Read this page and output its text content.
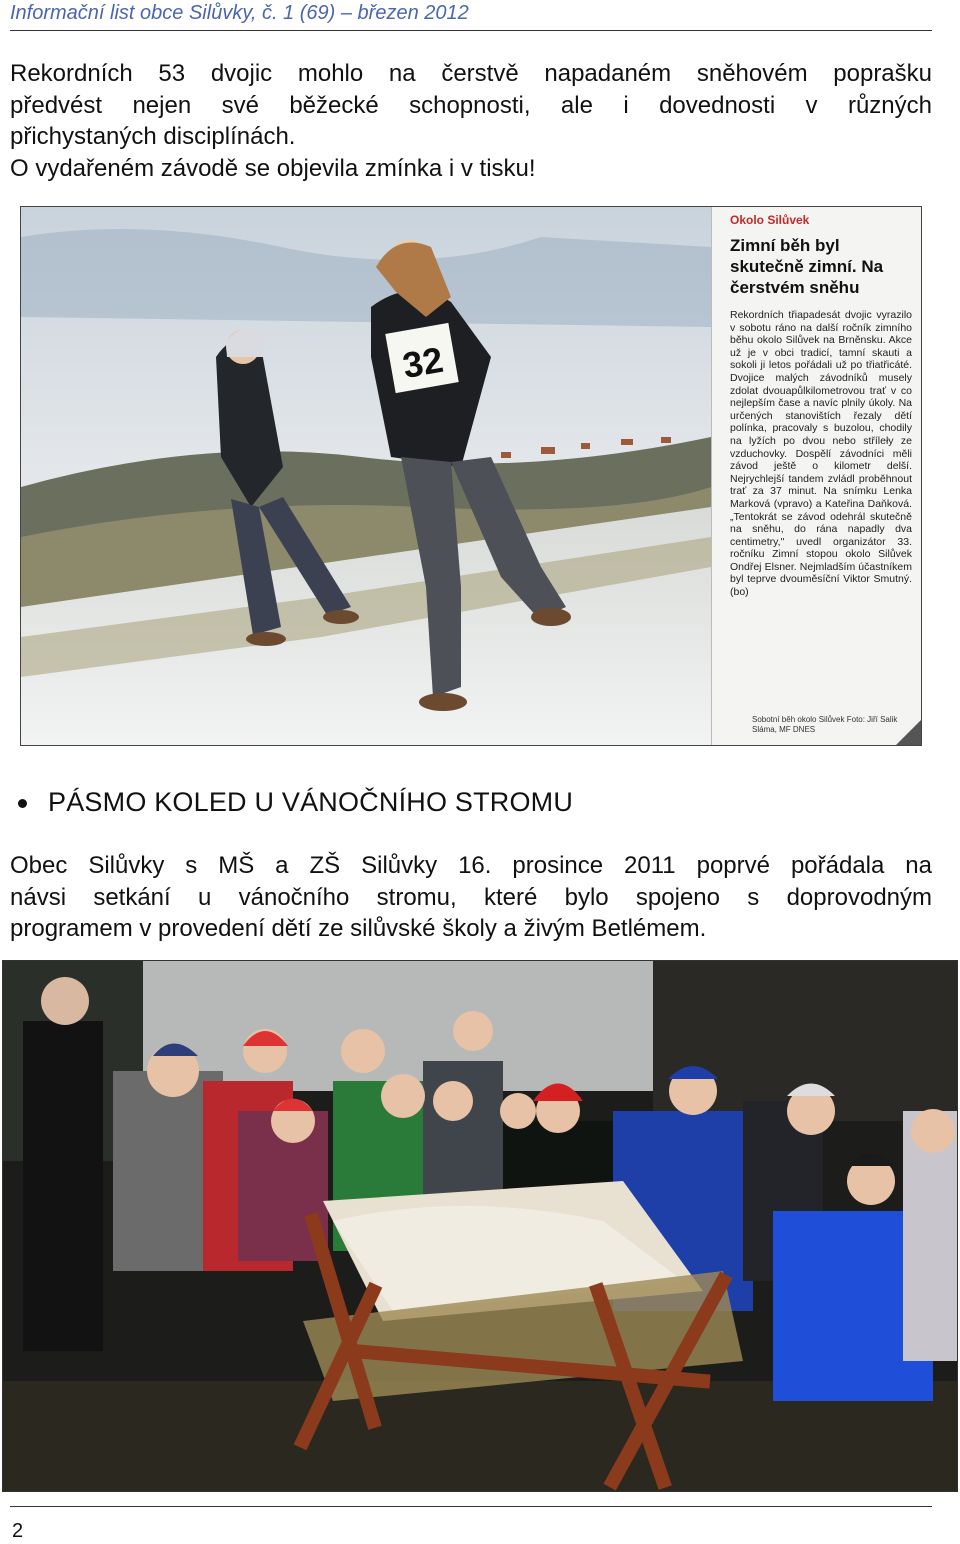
Informační list obce Silůvky, č. 1 (69) – březen 2012
Rekordních 53 dvojic mohlo na čerstvě napadaném sněhovém poprašku
předvést nejen své běžecké schopnosti, ale i dovednosti v různých
přichystaných disciplínách.
O vydařeném závodě se objevila zmínka i v tisku!
32
Okolo Silůvek
Zimní běh byl skutečně zimní. Na čerstvém sněhu
Rekordních třiapadesát dvojic vyrazilo v sobotu ráno na další ročník zimního běhu okolo Silůvek na Brněnsku. Akce už je v obci tradicí, tamní skauti a sokoli ji letos pořádali už po třiatřicáté. Dvojice malých závodníků musely zdolat dvouapůlkilometrovou trať v co nejlepším čase a navíc plnily úkoly. Na určených stanovištích řezaly dětí polínka, pracovaly s buzolou, chodily na lyžích po dvou nebo stříleły ze vzduchovky. Dospělí závodníci měli závod ještě o kilometr delší. Nejrychlejší tandem zvládl proběhnout trať za 37 minut. Na snímku Lenka Marková (vpravo) a Kateřina Daňková. „Tentokrát se závod odehrál skutečně na sněhu, do rána napadly dva centimetry," uvedl organizátor 33. ročníku Zimní stopou okolo Silůvek Ondřej Elsner. Nejmladším účastníkem byl teprve dvouměsíční Viktor Smutný. (bo)
Sobotní běh okolo Silůvek Foto: Jiří Salik Sláma, MF DNES
PÁSMO KOLED U VÁNOČNÍHO STROMU
Obec Silůvky s MŠ a ZŠ Silůvky 16. prosince 2011 poprvé pořádala na
návsi setkání u vánočního stromu, které bylo spojeno s doprovodným
programem v provedení dětí ze silůvské školy a živým Betlémem.
2
